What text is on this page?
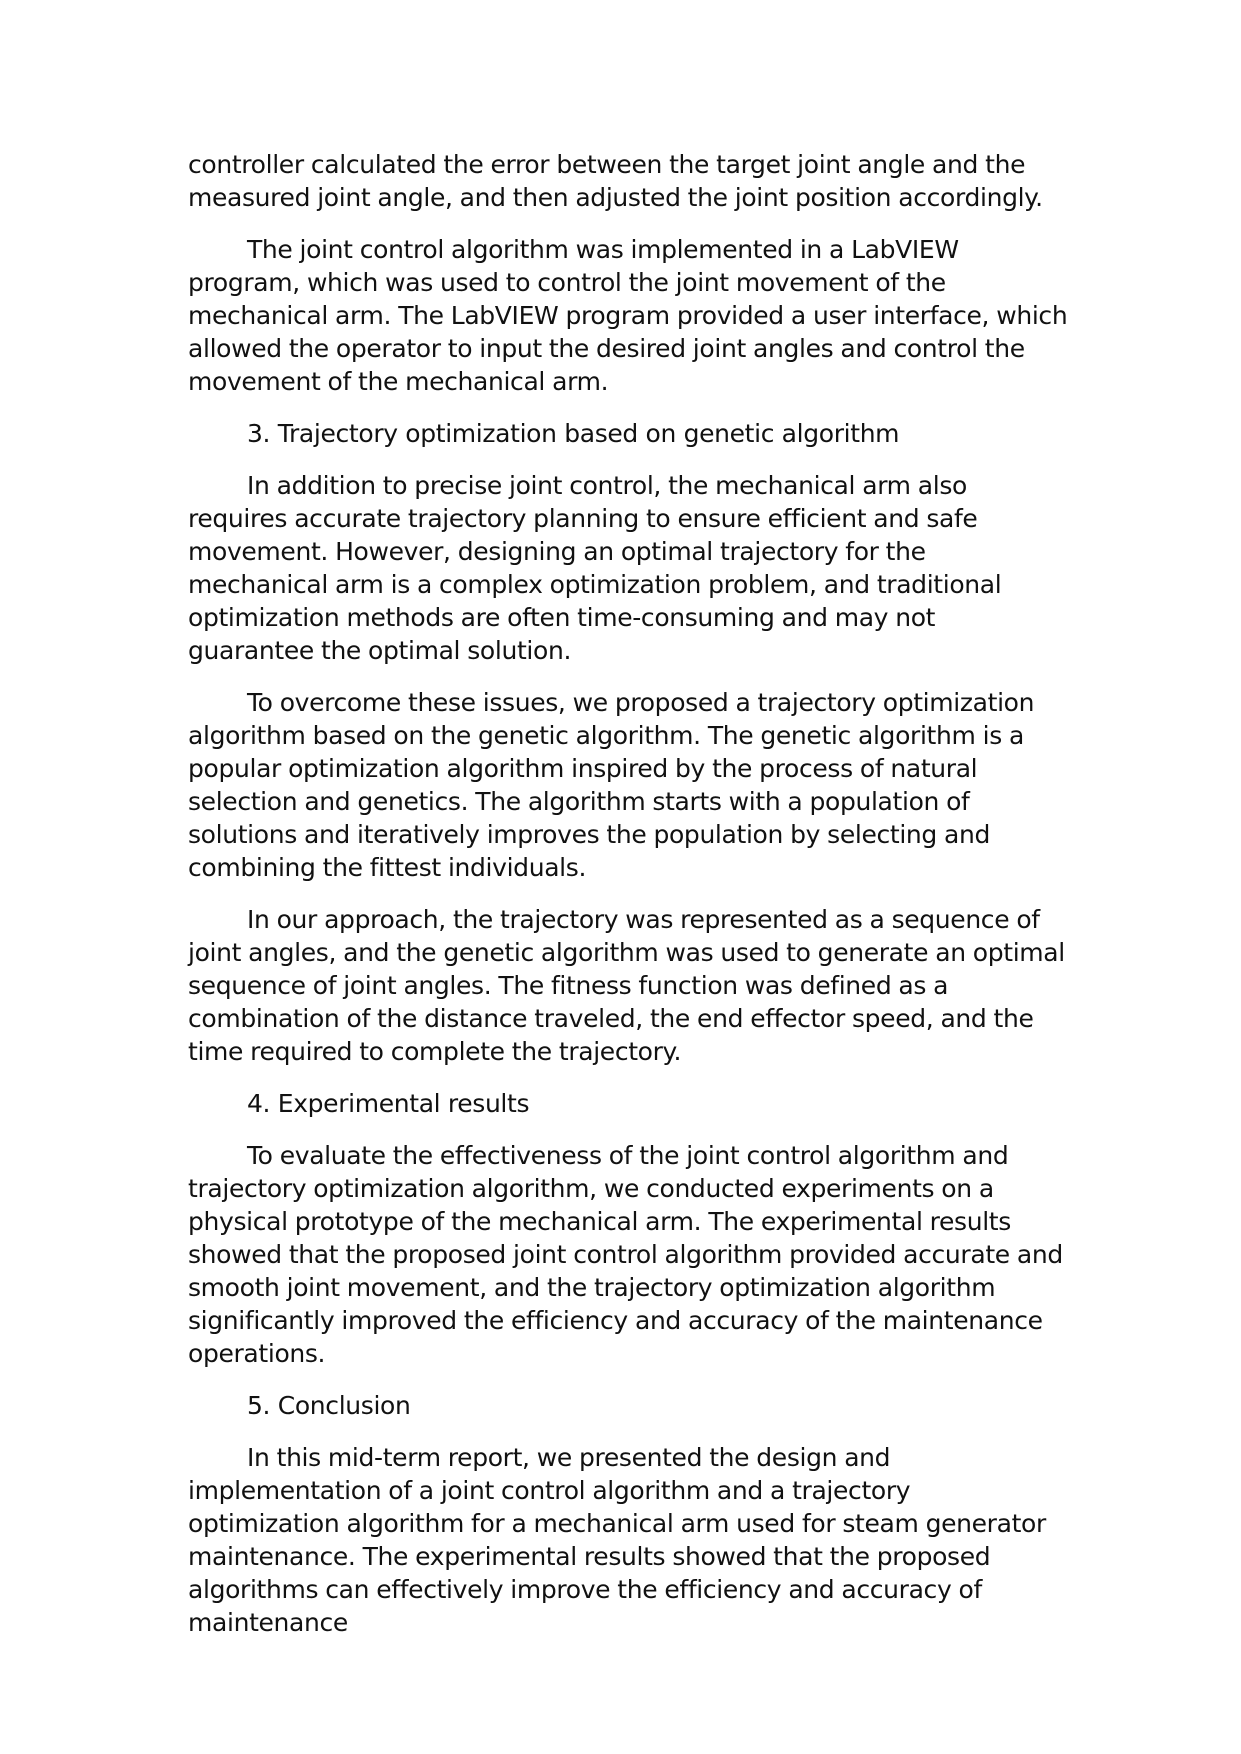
controller calculated the error between the target joint angle and the measured joint angle, and then adjusted the joint position accordingly.

The joint control algorithm was implemented in a LabVIEW program, which was used to control the joint movement of the mechanical arm. The LabVIEW program provided a user interface, which allowed the operator to input the desired joint angles and control the movement of the mechanical arm.

3. Trajectory optimization based on genetic algorithm

In addition to precise joint control, the mechanical arm also requires accurate trajectory planning to ensure efficient and safe movement. However, designing an optimal trajectory for the mechanical arm is a complex optimization problem, and traditional optimization methods are often time-consuming and may not guarantee the optimal solution.

To overcome these issues, we proposed a trajectory optimization algorithm based on the genetic algorithm. The genetic algorithm is a popular optimization algorithm inspired by the process of natural selection and genetics. The algorithm starts with a population of solutions and iteratively improves the population by selecting and combining the fittest individuals.

In our approach, the trajectory was represented as a sequence of joint angles, and the genetic algorithm was used to generate an optimal sequence of joint angles. The fitness function was defined as a combination of the distance traveled, the end effector speed, and the time required to complete the trajectory.

4. Experimental results

To evaluate the effectiveness of the joint control algorithm and trajectory optimization algorithm, we conducted experiments on a physical prototype of the mechanical arm. The experimental results showed that the proposed joint control algorithm provided accurate and smooth joint movement, and the trajectory optimization algorithm significantly improved the efficiency and accuracy of the maintenance operations.

5. Conclusion

In this mid-term report, we presented the design and implementation of a joint control algorithm and a trajectory optimization algorithm for a mechanical arm used for steam generator maintenance. The experimental results showed that the proposed algorithms can effectively improve the efficiency and accuracy of maintenance
